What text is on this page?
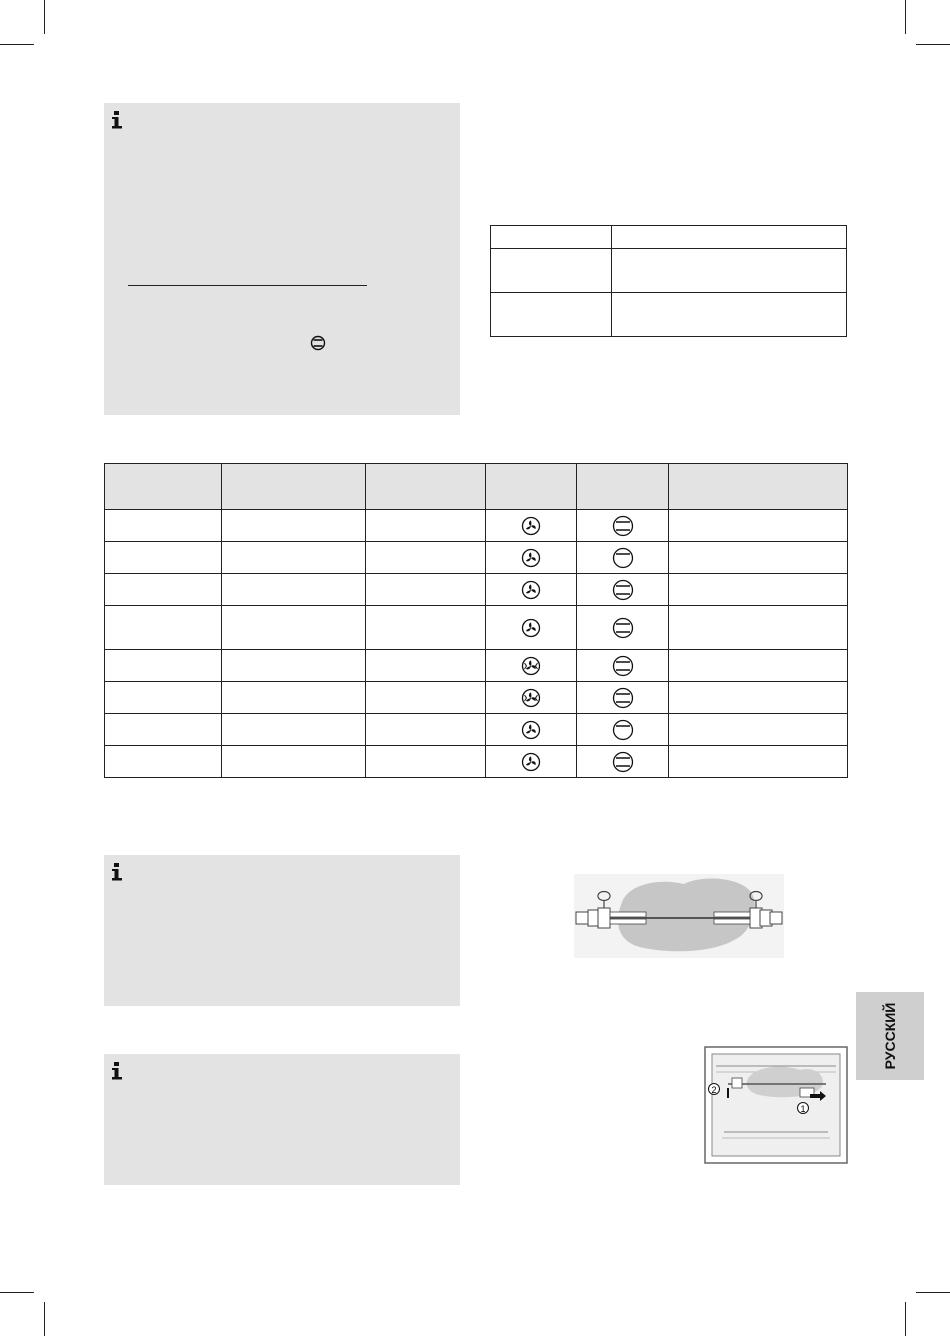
2
1
РУССКИЙ
